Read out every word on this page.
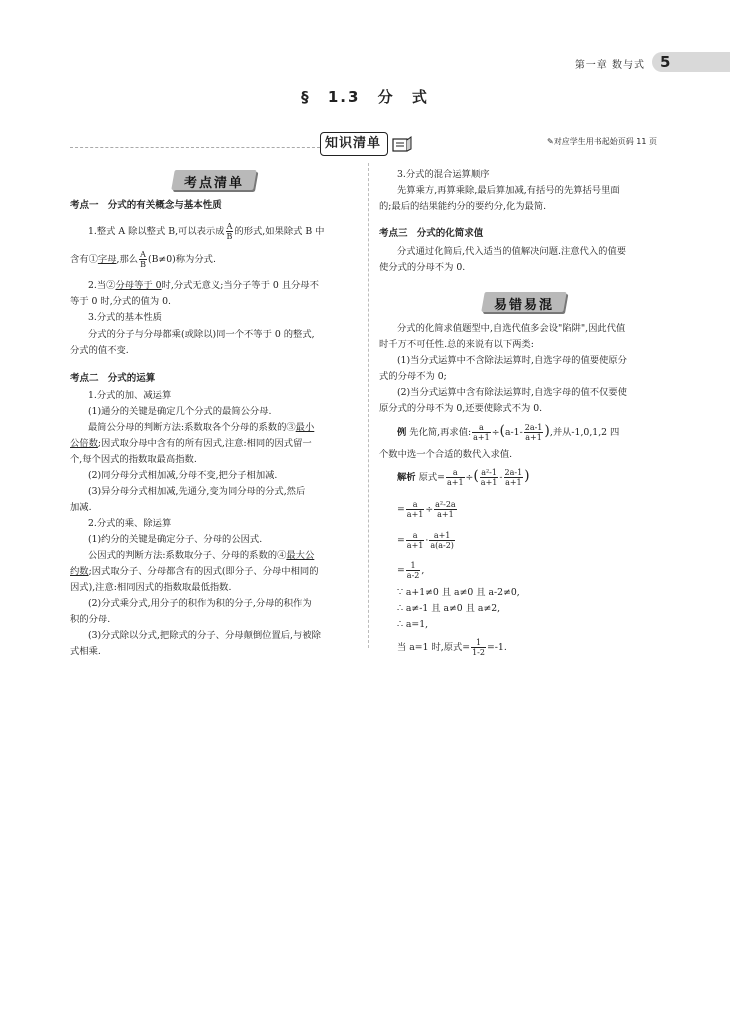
第一章 数与式 5
§ 1.3 分 式
知识清单	✎对应学生用书起始页码 11 页
考点清单
考点一 分式的有关概念与基本性质
1.整式 A 除以整式 B,可以表示成 $\frac{A}{B}$ 的形式,如果除式 B 中
含有①字母,那么 $\frac{A}{B} (B\ne 0)$称为分式.
2.当②分母等于 0时,分式无意义;当分子等于 0 且分母不
等于 0 时,分式的值为 0.
3.分式的基本性质
分式的分子与分母都乘(或除以)同一个不等于 0 的整式,
分式的值不变.
考点二 分式的运算
1.分式的加、减运算
(1)通分的关键是确定几个分式的最简公分母.
最简公分母的判断方法:系数取各个分母的系数的③最小
公倍数;因式取分母中含有的所有因式,注意:相同的因式留一
个,每个因式的指数取最高指数.
(2)同分母分式相加减,分母不变,把分子相加减.
(3)异分母分式相加减,先通分,变为同分母的分式,然后
加减.
2.分式的乘、除运算
(1)约分的关键是确定分子、分母的公因式.
公因式的判断方法:系数取分子、分母的系数的④最大公
约数;因式取分子、分母都含有的因式(即分子、分母中相同的
因式),注意:相同因式的指数取最低指数.
(2)分式乘分式,用分子的积作为积的分子,分母的积作为
积的分母.
(3)分式除以分式,把除式的分子、分母颠倒位置后,与被除
式相乘.
3.分式的混合运算顺序
先算乘方,再算乘除,最后算加减,有括号的先算括号里面
的;最后的结果能约分的要约分,化为最简.
考点三 分式的化简求值
分式通过化简后,代入适当的值解决问题.注意代入的值要
使分式的分母不为 0.
易错易混
分式的化简求值题型中,自选代值多会设"陷阱",因此代值
时千万不可任性.总的来说有以下两类:
(1)当分式运算中不含除法运算时,自选字母的值要使原分
式的分母不为 0;
(2)当分式运算中含有除法运算时,自选字母的值不仅要使
原分式的分母不为 0,还要使除式不为 0.
例 先化简,再求值: $\frac{a}{a+1} \div(a-1- \frac{2a-1}{a+1}$ ),并从-1,0,1,2 四
个数中选一个合适的数代入求值.
解析 原式= $\frac{a}{a+1}$ ÷( $\frac{\text{a²-1}}{a+1} - \frac{2a-1}{a+1}$ )
= $\frac{a}{a+1} \div \frac{\text{a²-2a}}{a+1}$
= $\frac{a}{a+1} \cdot \frac{a+1}{a(a-2)}$
= $\frac{1}{a-2}$ ,
∵ a+1≠0 且 a≠0 且 a-2≠0,
∴ a≠-1 且 a≠0 且 a≠2,
∴ a=1,
当 a=1 时,原式= $\frac{1}{1-2} =-1$.
